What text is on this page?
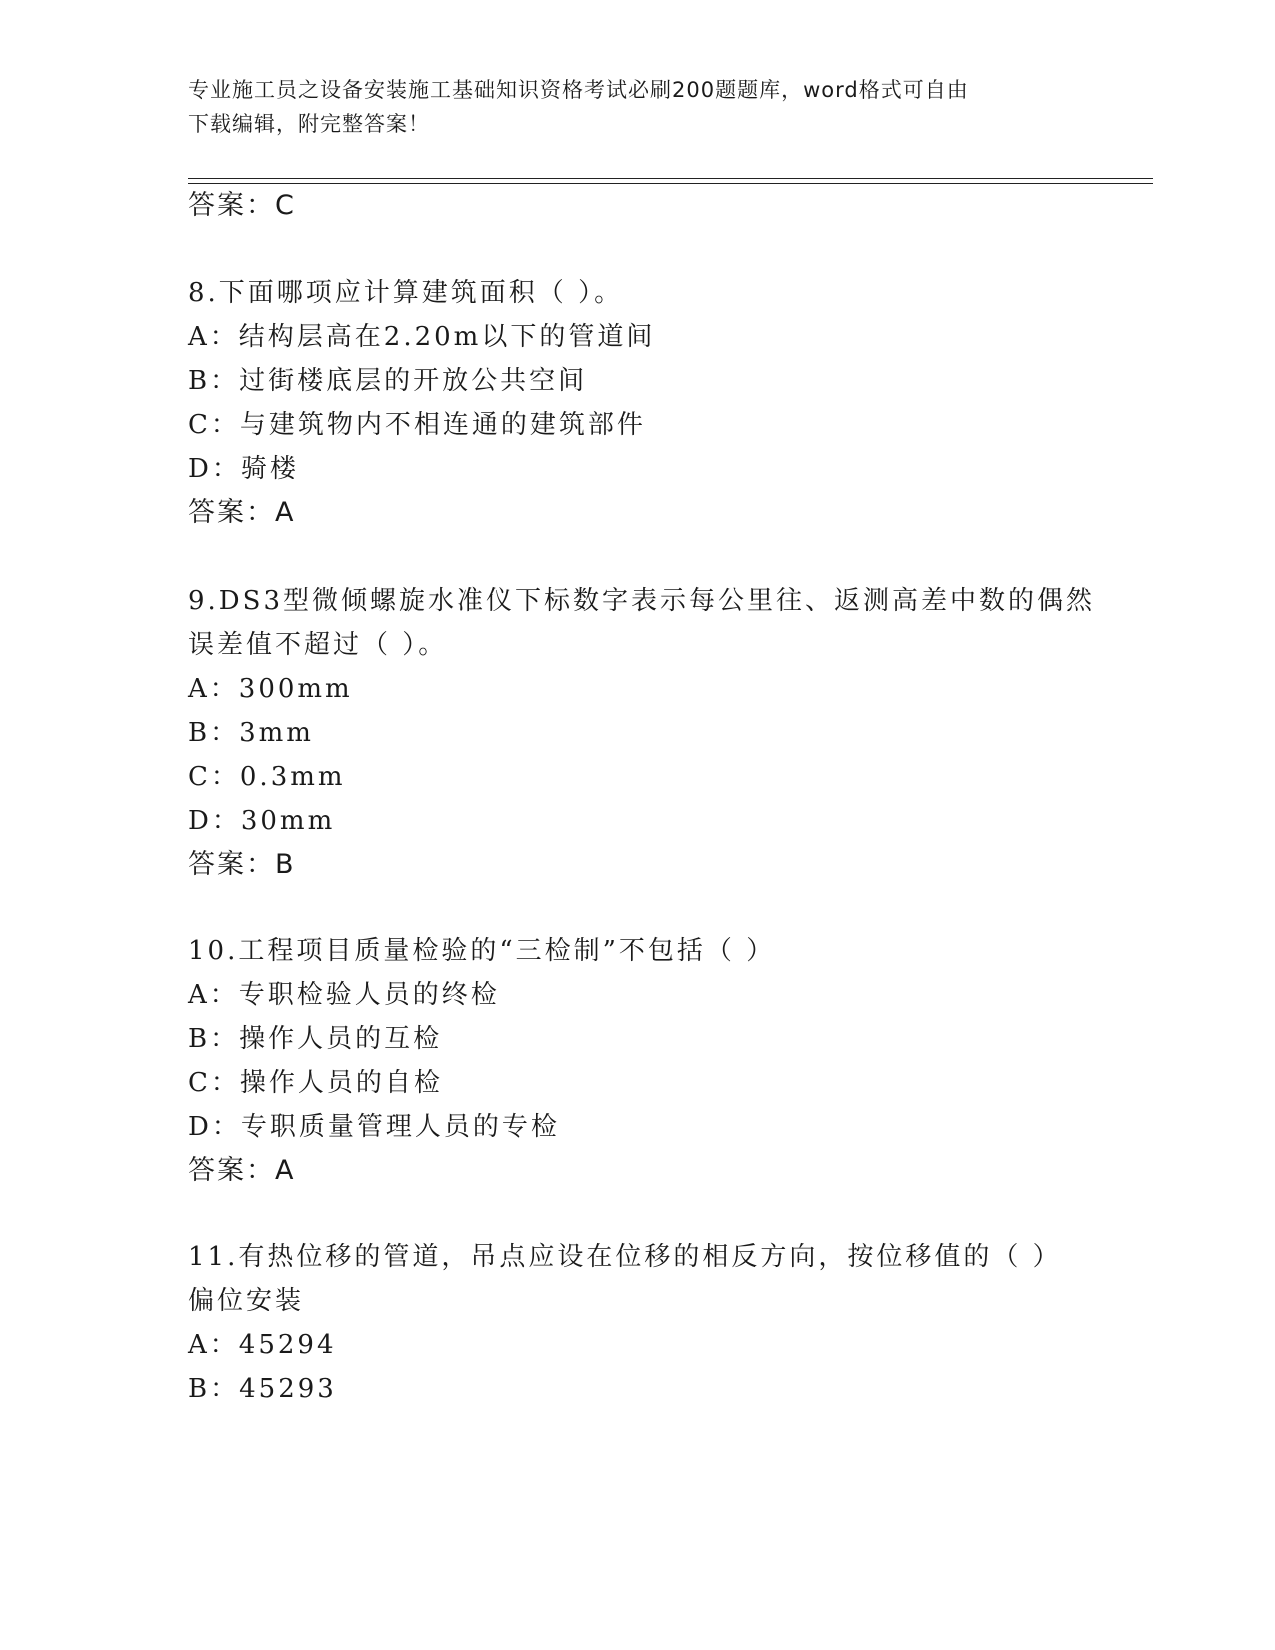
专业施工员之设备安装施工基础知识资格考试必刷200题题库，word格式可自由
下载编辑，附完整答案！
答案：C
8.下面哪项应计算建筑面积（ ）。
A：结构层高在2.20m以下的管道间
B：过街楼底层的开放公共空间
C：与建筑物内不相连通的建筑部件
D：骑楼
答案：A
9.DS3型微倾螺旋水准仪下标数字表示每公里往、返测高差中数的偶然
误差值不超过（ ）。
A：300mm
B：3mm
C：0.3mm
D：30mm
答案：B
10.工程项目质量检验的“三检制”不包括（ ）
A：专职检验人员的终检
B：操作人员的互检
C：操作人员的自检
D：专职质量管理人员的专检
答案：A
11.有热位移的管道，吊点应设在位移的相反方向，按位移值的（ ）
偏位安装
A：45294
B：45293
